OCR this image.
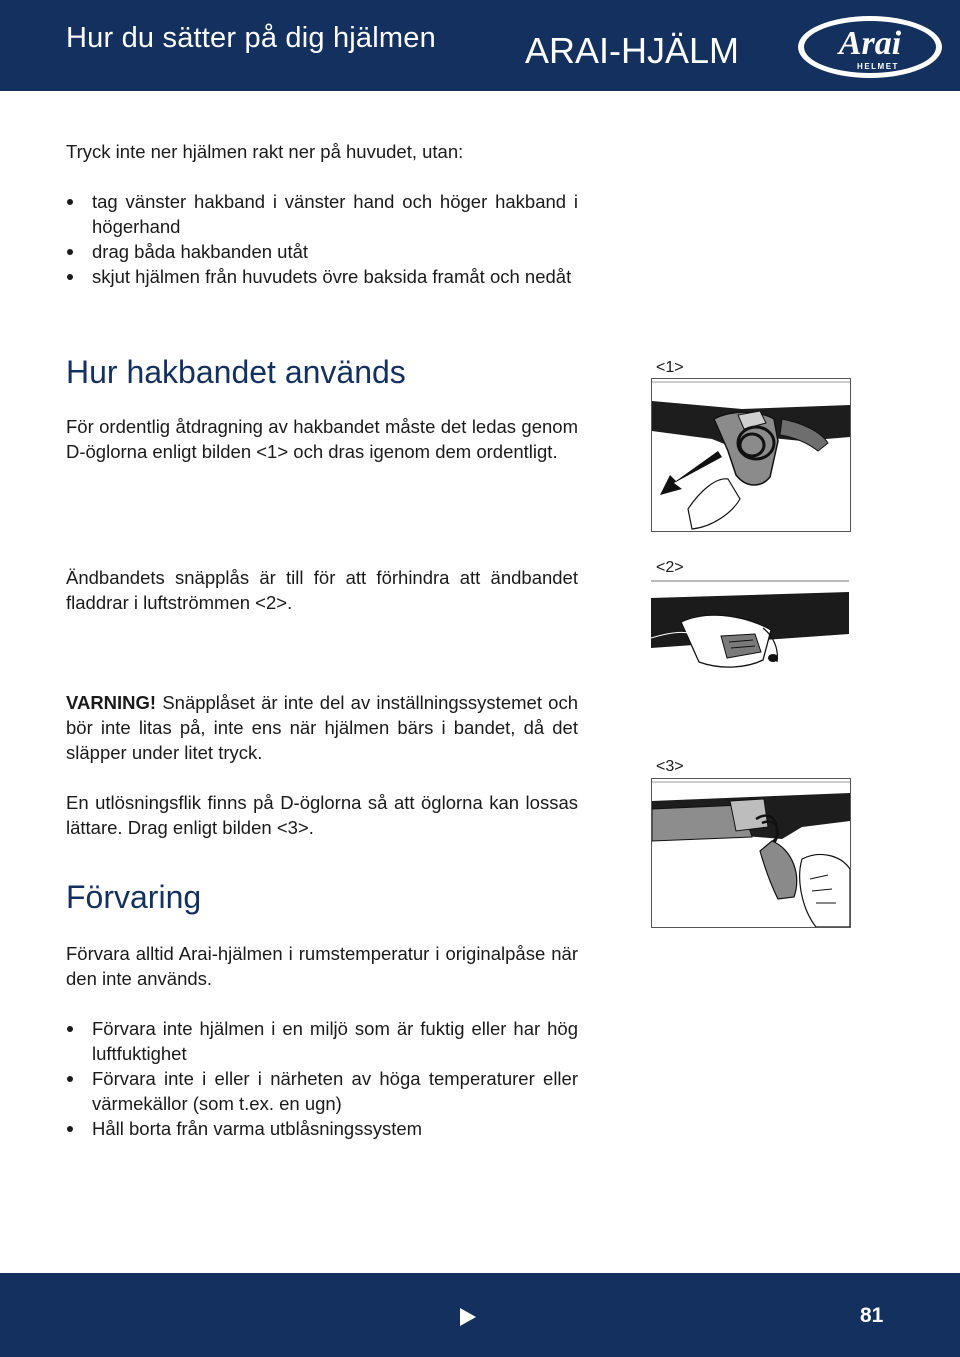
Hur du sätter på dig hjälmen ARAI-HJÄLM	Arai
HELMET

Tryck inte ner hjälmen rakt ner på huvudet, utan:

tag vänster hakband i vänster hand och höger hakband i högerhand
drag båda hakbanden utåt
skjut hjälmen från huvudets övre baksida framåt och nedåt
Hur hakbandet används

För ordentlig åtdragning av hakbandet måste det ledas genom D-öglorna enligt bilden <1> och dras igenom dem ordentligt.

Ändbandets snäpplås är till för att förhindra att ändbandet fladdrar i luftströmmen <2>.

VARNING! Snäpplåset är inte del av inställningssystemet och bör inte litas på, inte ens när hjälmen bärs i bandet, då det släpper under litet tryck.

En utlösningsflik finns på D-öglorna så att öglorna kan lossas lättare. Drag enligt bilden <3>.

Förvaring

Förvara alltid Arai-hjälmen i rumstemperatur i originalpåse när den inte används.

Förvara inte hjälmen i en miljö som är fuktig eller har hög luftfuktighet
Förvara inte i eller i närheten av höga temperaturer eller värmekällor (som t.ex. en ugn)
Håll borta från varma utblåsningssystem
<1>
<2>
<3>
81
